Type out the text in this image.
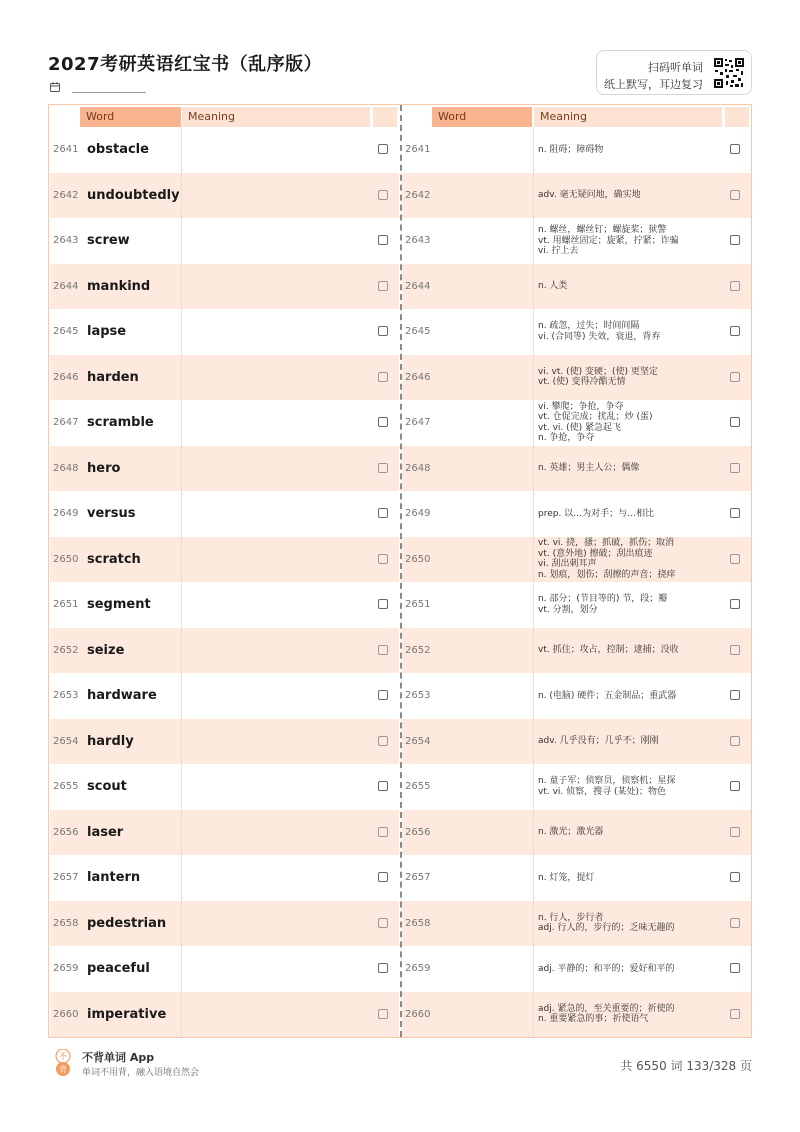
2027考研英语红宝书（乱序版）	扫码听单词
纸上默写，耳边复习
Word	Meaning
2641 obstacle
2642 undoubtedly
2643 screw
2644 mankind
2645 lapse
2646 harden
2647 scramble
2648 hero
2649 versus
2650 scratch
2651 segment
2652 seize
2653 hardware
2654 hardly
2655 scout
2656 laser
2657 lantern
2658 pedestrian
2659 peaceful
2660 imperative
Word	Meaning
2641	n. 阻碍；障碍物
2642	adv. 毫无疑问地，确实地
2643
n. 螺丝，螺丝钉；螺旋桨；狱警
vt. 用螺丝固定；旋紧，拧紧；诈骗
vi. 拧上去
2644	n. 人类
2645	n. 疏忽，过失；时间间隔
vi. (合同等) 失效，衰退，背弃
2646	vi. vt. (使) 变硬；(使) 更坚定
vt. (使) 变得冷酷无情
2647
vi. 攀爬；争抢，争夺
vt. 仓促完成；扰乱；炒 (蛋)
vt. vi. (使) 紧急起飞
n. 争抢，争夺
2648	n. 英雄；男主人公；偶像
2649	prep. 以…为对手；与…相比
2650
vt. vi. 挠，搔；抓破，抓伤；取消
vt. (意外地) 擦破；刮出痕迹
vi. 刮出刺耳声
n. 划痕，划伤；刮擦的声音；挠痒
2651	n. 部分；(节目等的) 节，段；瓣
vt. 分割，划分
2652	vt. 抓住；攻占，控制；逮捕；没收
2653	n. (电脑) 硬件；五金制品；重武器
2654	adv. 几乎没有；几乎不；刚刚
2655	n. 童子军；侦察员，侦察机；星探
vt. vi. 侦察，搜寻 (某处)；物色
2656	n. 激光；激光器
2657	n. 灯笼，提灯
2658	n. 行人，步行者
adj. 行人的，步行的；乏味无趣的
2659	adj. 平静的；和平的；爱好和平的
2660	adj. 紧急的，至关重要的；祈使的
n. 重要紧急的事；祈使语气
不
背
不背单词 App
单词不用背，融入语境自然会	共 6550 词 133/328 页
